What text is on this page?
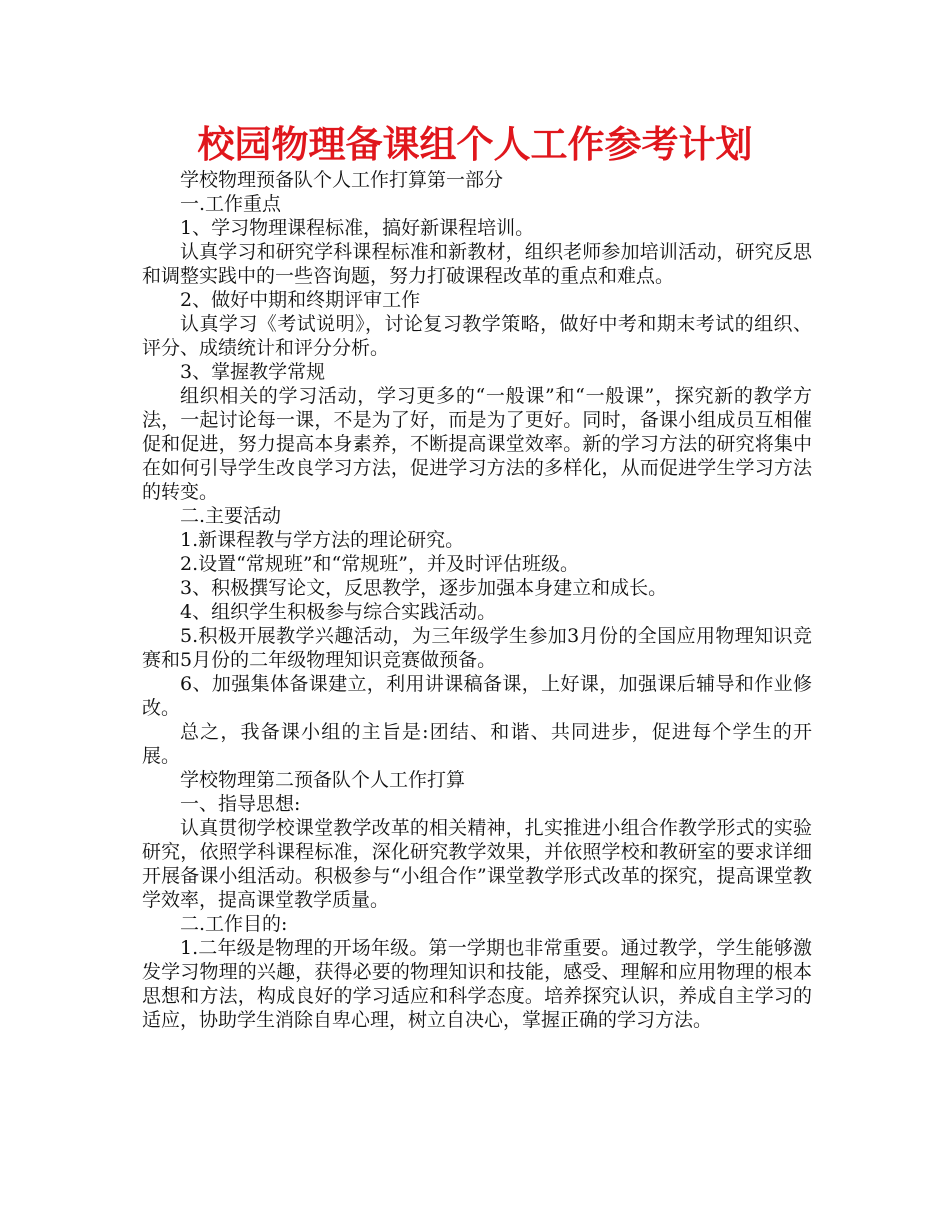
校园物理备课组个人工作参考计划

学校物理预备队个人工作打算第一部分

一.工作重点

1、学习物理课程标准，搞好新课程培训。

认真学习和研究学科课程标准和新教材，组织老师参加培训活动，研究反思和调整实践中的一些咨询题，努力打破课程改革的重点和难点。

2、做好中期和终期评审工作

认真学习《考试说明》，讨论复习教学策略，做好中考和期末考试的组织、评分、成绩统计和评分分析。

3、掌握教学常规

组织相关的学习活动，学习更多的“一般课”和“一般课”，探究新的教学方法，一起讨论每一课，不是为了好，而是为了更好。同时，备课小组成员互相催促和促进，努力提高本身素养，不断提高课堂效率。新的学习方法的研究将集中在如何引导学生改良学习方法，促进学习方法的多样化，从而促进学生学习方法的转变。

二.主要活动

1.新课程教与学方法的理论研究。

2.设置“常规班”和“常规班”，并及时评估班级。

3、积极撰写论文，反思教学，逐步加强本身建立和成长。

4、组织学生积极参与综合实践活动。

5.积极开展教学兴趣活动，为三年级学生参加3月份的全国应用物理知识竞赛和5月份的二年级物理知识竞赛做预备。

6、加强集体备课建立，利用讲课稿备课，上好课，加强课后辅导和作业修改。

总之，我备课小组的主旨是:团结、和谐、共同进步，促进每个学生的开展。

学校物理第二预备队个人工作打算

一、指导思想:

认真贯彻学校课堂教学改革的相关精神，扎实推进小组合作教学形式的实验研究，依照学科课程标准，深化研究教学效果，并依照学校和教研室的要求详细开展备课小组活动。积极参与“小组合作”课堂教学形式改革的探究，提高课堂教学效率，提高课堂教学质量。

二.工作目的:

1.二年级是物理的开场年级。第一学期也非常重要。通过教学，学生能够激发学习物理的兴趣，获得必要的物理知识和技能，感受、理解和应用物理的根本思想和方法，构成良好的学习适应和科学态度。培养探究认识，养成自主学习的适应，协助学生消除自卑心理，树立自决心，掌握正确的学习方法。
